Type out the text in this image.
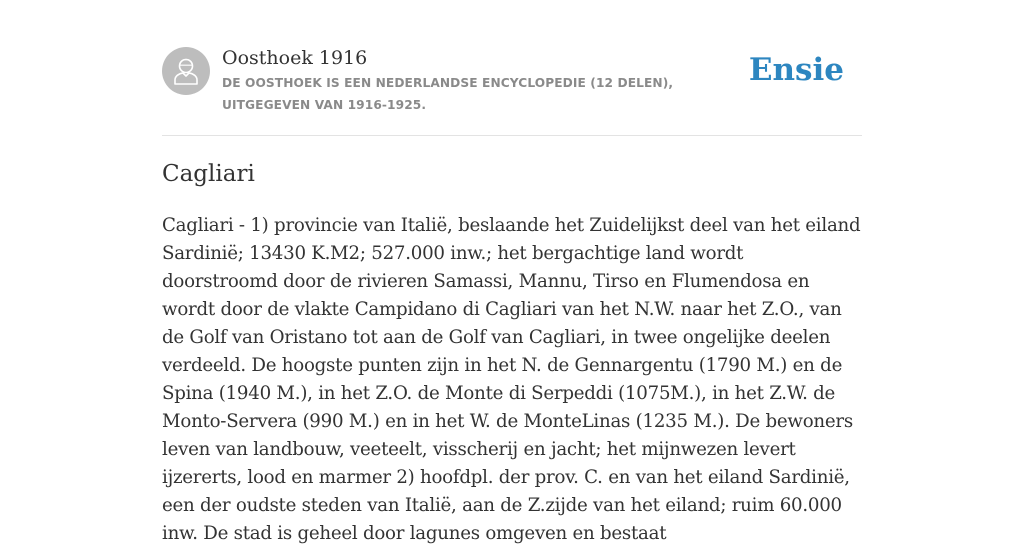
Oosthoek 1916
DE OOSTHOEK IS EEN NEDERLANDSE ENCYCLOPEDIE (12 DELEN), UITGEGEVEN VAN 1916-1925.
Ensie
Cagliari

Cagliari - 1) provincie van Italië, beslaande het Zuidelijkst deel van het eiland Sardinië; 13430 K.M2; 527.000 inw.; het bergachtige land wordt doorstroomd door de rivieren Samassi, Mannu, Tirso en Flumendosa en wordt door de vlakte Campidano di Cagliari van het N.W. naar het Z.O., van de Golf van Oristano tot aan de Golf van Cagliari, in twee ongelijke deelen verdeeld. De hoogste punten zijn in het N. de Gennargentu (1790 M.) en de Spina (1940 M.), in het Z.O. de Monte di Serpeddi (1075M.), in het Z.W. de Monto-Servera (990 M.) en in het W. de MonteLinas (1235 M.). De bewoners leven van landbouw, veeteelt, visscherij en jacht; het mijnwezen levert ijzererts, lood en marmer 2) hoofdpl. der prov. C. en van het eiland Sardinië, een der oudste steden van Italië, aan de Z.zijde van het eiland; ruim 60.000 inw. De stad is geheel door lagunes omgeven en bestaat
